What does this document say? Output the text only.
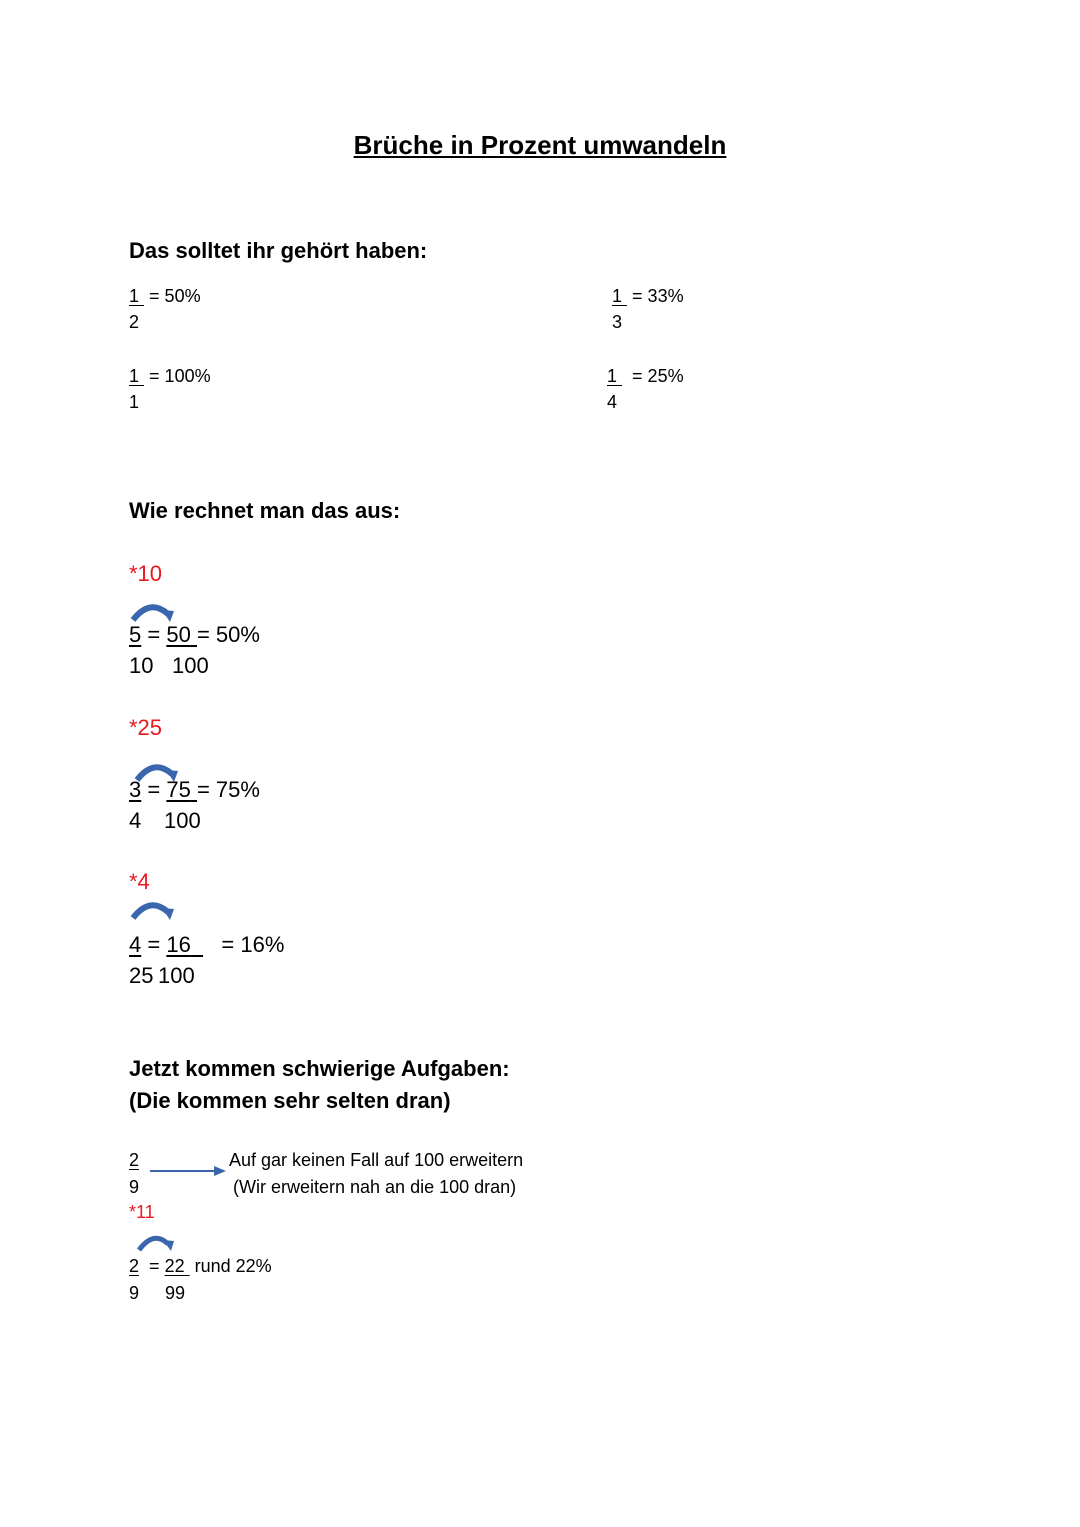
Brüche in Prozent umwandeln
Das solltet ihr gehört haben:
1 = 50%
2
1 = 33%
3
1 = 100%
1
1 = 25%
4
Wie rechnet man das aus:
*10
5 = 50 = 50%
10 100
*25
3 = 75 = 75%
4 100
*4
4 = 16 = 16%
25 100
Jetzt kommen schwierige Aufgaben:
(Die kommen sehr selten dran)
2
9
Auf gar keinen Fall auf 100 erweitern
(Wir erweitern nah an die 100 dran)
*11
2 = 22 rund 22%
9 99
